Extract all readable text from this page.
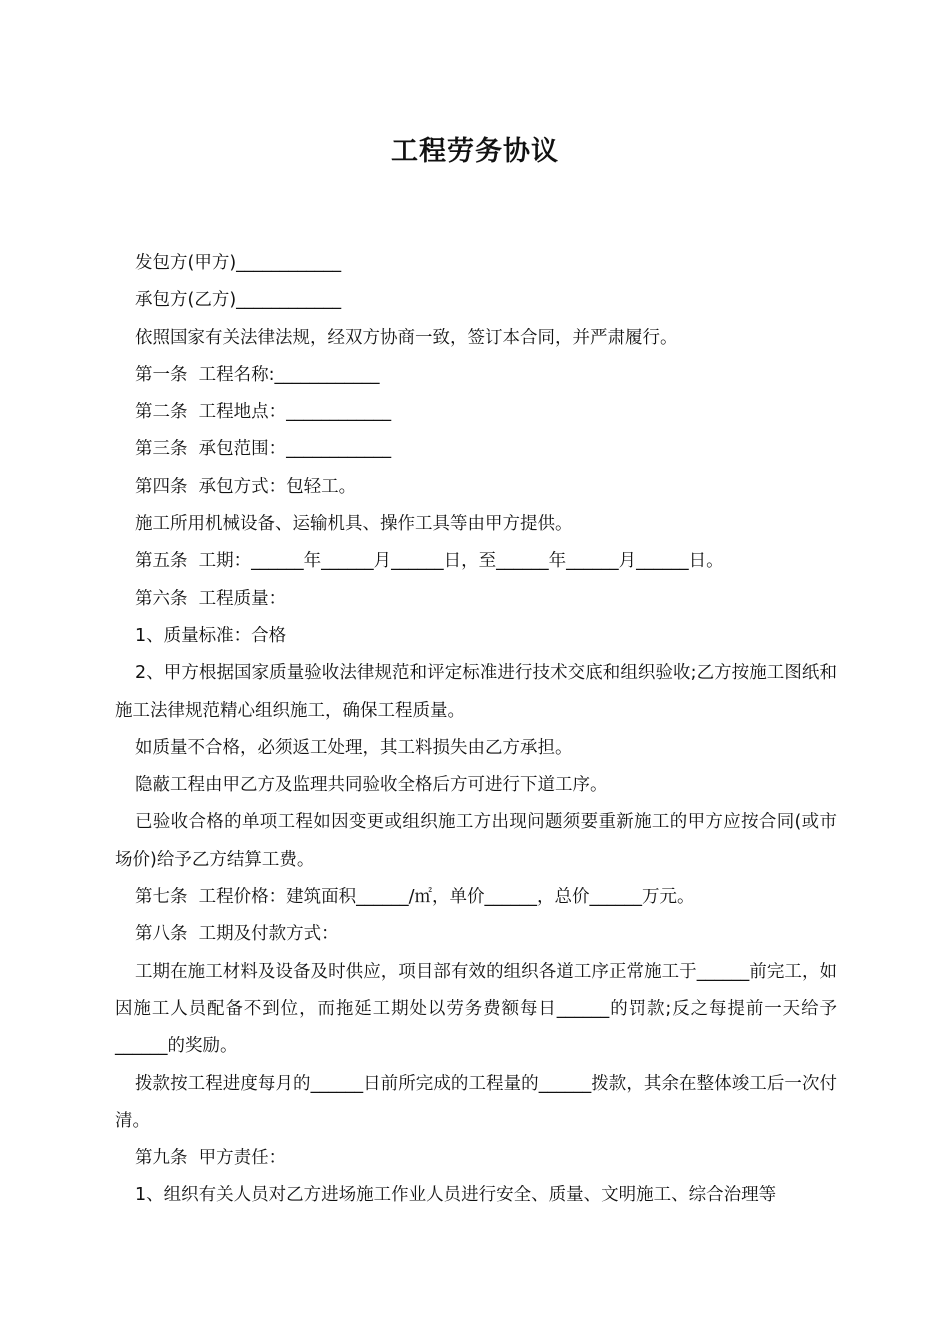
工程劳务协议

发包方(甲方)____________

承包方(乙方)____________

依照国家有关法律法规，经双方协商一致，签订本合同，并严肃履行。

第一条  工程名称:____________

第二条  工程地点：____________

第三条  承包范围：____________

第四条  承包方式：包轻工。

施工所用机械设备、运输机具、操作工具等由甲方提供。

第五条  工期：______年______月______日，至______年______月______日。

第六条  工程质量：

1、质量标准：合格

2、甲方根据国家质量验收法律规范和评定标准进行技术交底和组织验收;乙方按施工图纸和施工法律规范精心组织施工，确保工程质量。

如质量不合格，必须返工处理，其工料损失由乙方承担。

隐蔽工程由甲乙方及监理共同验收全格后方可进行下道工序。

已验收合格的单项工程如因变更或组织施工方出现问题须要重新施工的甲方应按合同(或市场价)给予乙方结算工费。

第七条  工程价格：建筑面积______/㎡，单价______，总价______万元。

第八条  工期及付款方式：

工期在施工材料及设备及时供应，项目部有效的组织各道工序正常施工于______前完工，如因施工人员配备不到位，而拖延工期处以劳务费额每日______的罚款;反之每提前一天给予______的奖励。

拨款按工程进度每月的______日前所完成的工程量的______拨款，其余在整体竣工后一次付清。

第九条  甲方责任：

1、组织有关人员对乙方进场施工作业人员进行安全、质量、文明施工、综合治理等
